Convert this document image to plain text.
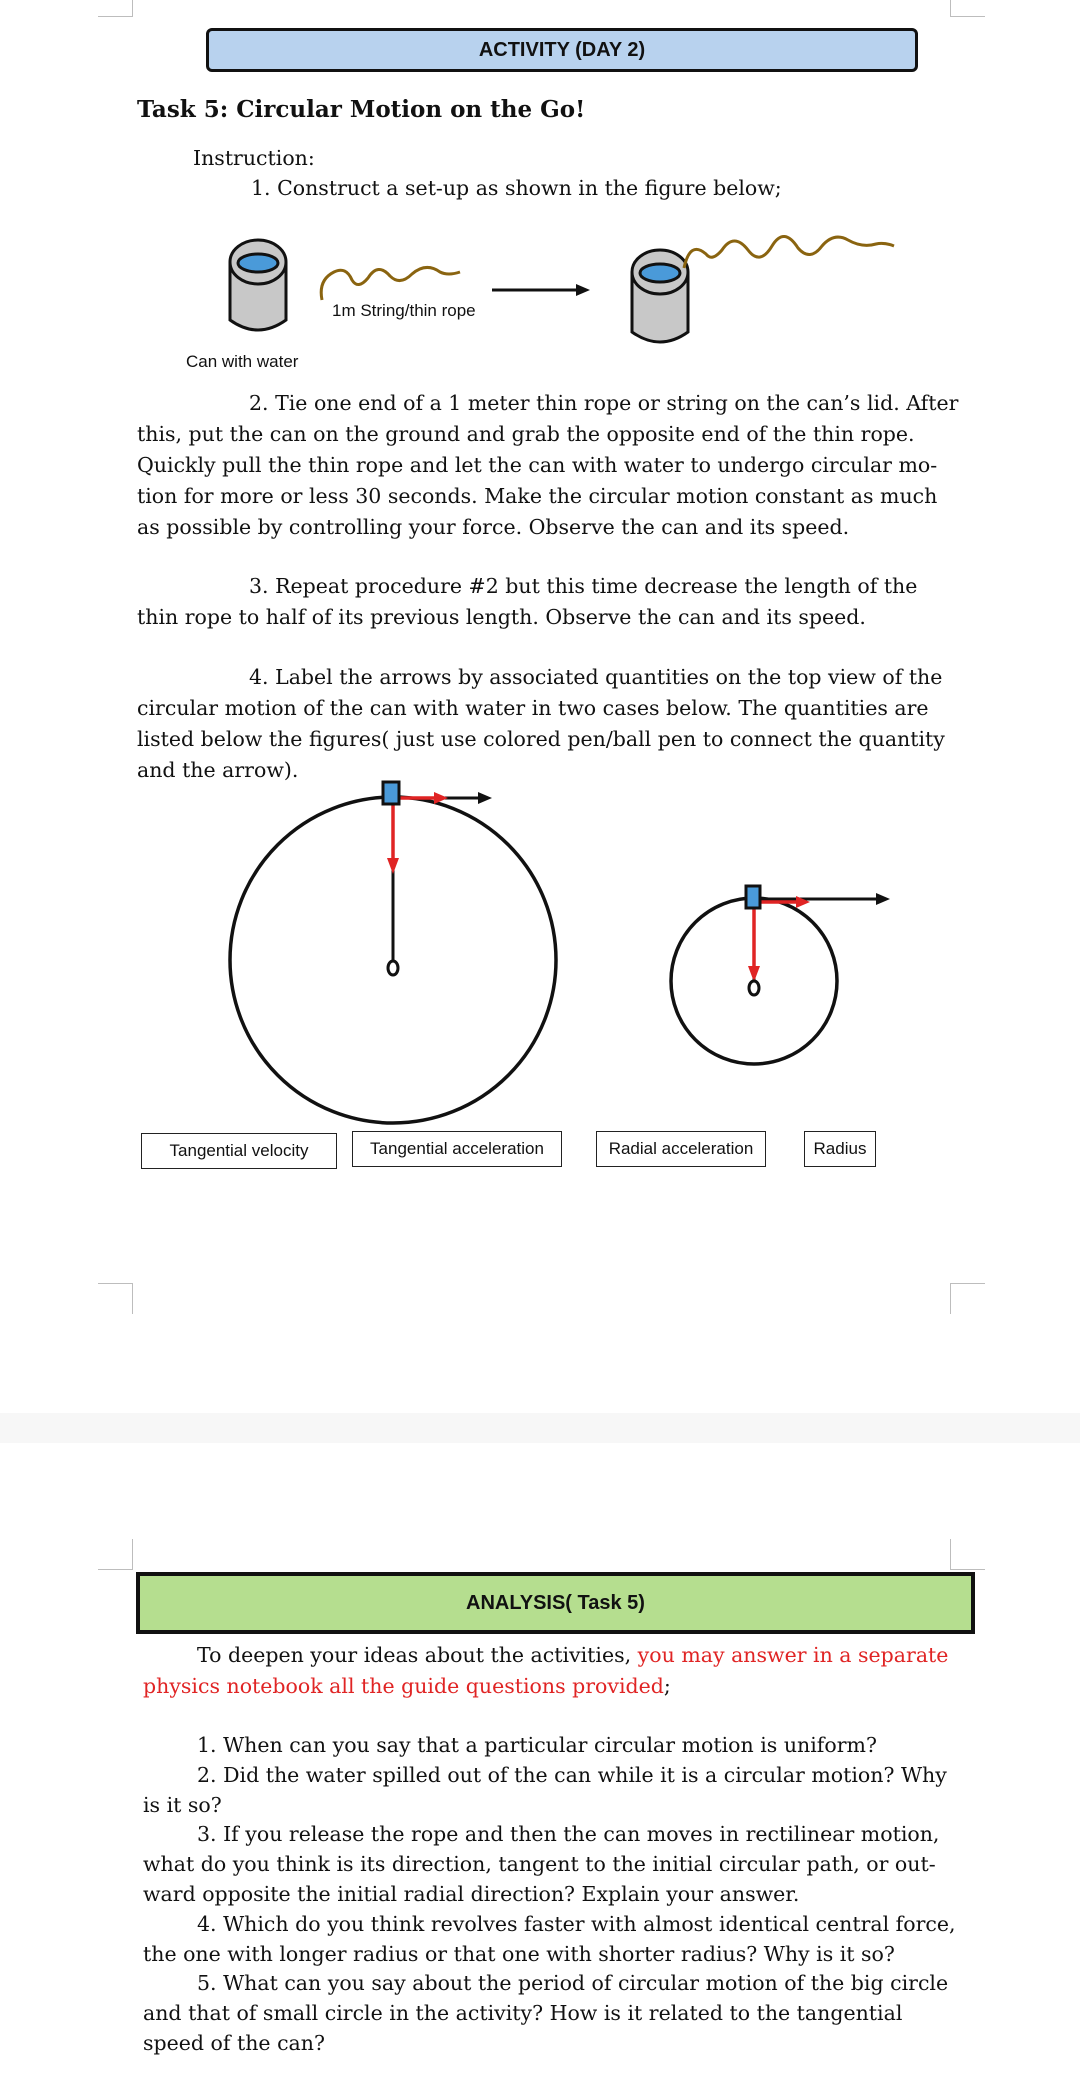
ACTIVITY (DAY 2)
Task 5: Circular Motion on the Go!
Instruction:
1. Construct a set-up as shown in the figure below;
1m String/thin rope
Can with water
2. Tie one end of a 1 meter thin rope or string on the can’s lid. After
this, put the can on the ground and grab the opposite end of the thin rope.
Quickly pull the thin rope and let the can with water to undergo circular mo-
tion for more or less 30 seconds. Make the circular motion constant as much
as possible by controlling your force. Observe the can and its speed.
3. Repeat procedure #2 but this time decrease the length of the
thin rope to half of its previous length. Observe the can and its speed.
4. Label the arrows by associated quantities on the top view of the
circular motion of the can with water in two cases below. The quantities are
listed below the figures( just use colored pen/ball pen to connect the quantity
and the arrow).
Tangential velocity	Tangential acceleration	Radial acceleration	Radius
ANALYSIS( Task 5)
To deepen your ideas about the activities, you may answer in a separate
physics notebook all the guide questions provided;
1. When can you say that a particular circular motion is uniform?
2. Did the water spilled out of the can while it is a circular motion? Why
is it so?
3. If you release the rope and then the can moves in rectilinear motion,
what do you think is its direction, tangent to the initial circular path, or out-
ward opposite the initial radial direction? Explain your answer.
4. Which do you think revolves faster with almost identical central force,
the one with longer radius or that one with shorter radius? Why is it so?
5. What can you say about the period of circular motion of the big circle
and that of small circle in the activity? How is it related to the tangential
speed of the can?
